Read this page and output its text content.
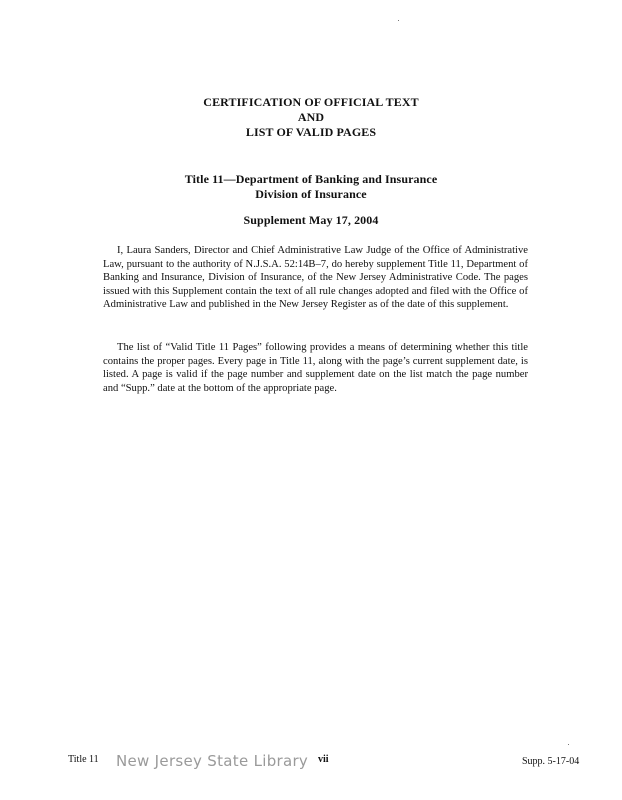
CERTIFICATION OF OFFICIAL TEXT
AND
LIST OF VALID PAGES
Title 11—Department of Banking and Insurance
Division of Insurance
Supplement May 17, 2004

I, Laura Sanders, Director and Chief Administrative Law Judge of the Office of Administrative Law, pursuant to the authority of N.J.S.A. 52:14B–7, do hereby supplement Title 11, Department of Banking and Insurance, Division of Insurance, of the New Jersey Administrative Code. The pages issued with this Supplement contain the text of all rule changes adopted and filed with the Office of Administrative Law and published in the New Jersey Register as of the date of this supplement.

The list of “Valid Title 11 Pages” following provides a means of determining whether this title contains the proper pages. Every page in Title 11, along with the page’s current supplement date, is listed. A page is valid if the page number and supplement date on the list match the page number and “Supp.” date at the bottom of the appropriate page.

Title 11 New Jersey State Library vii	Supp. 5-17-04
